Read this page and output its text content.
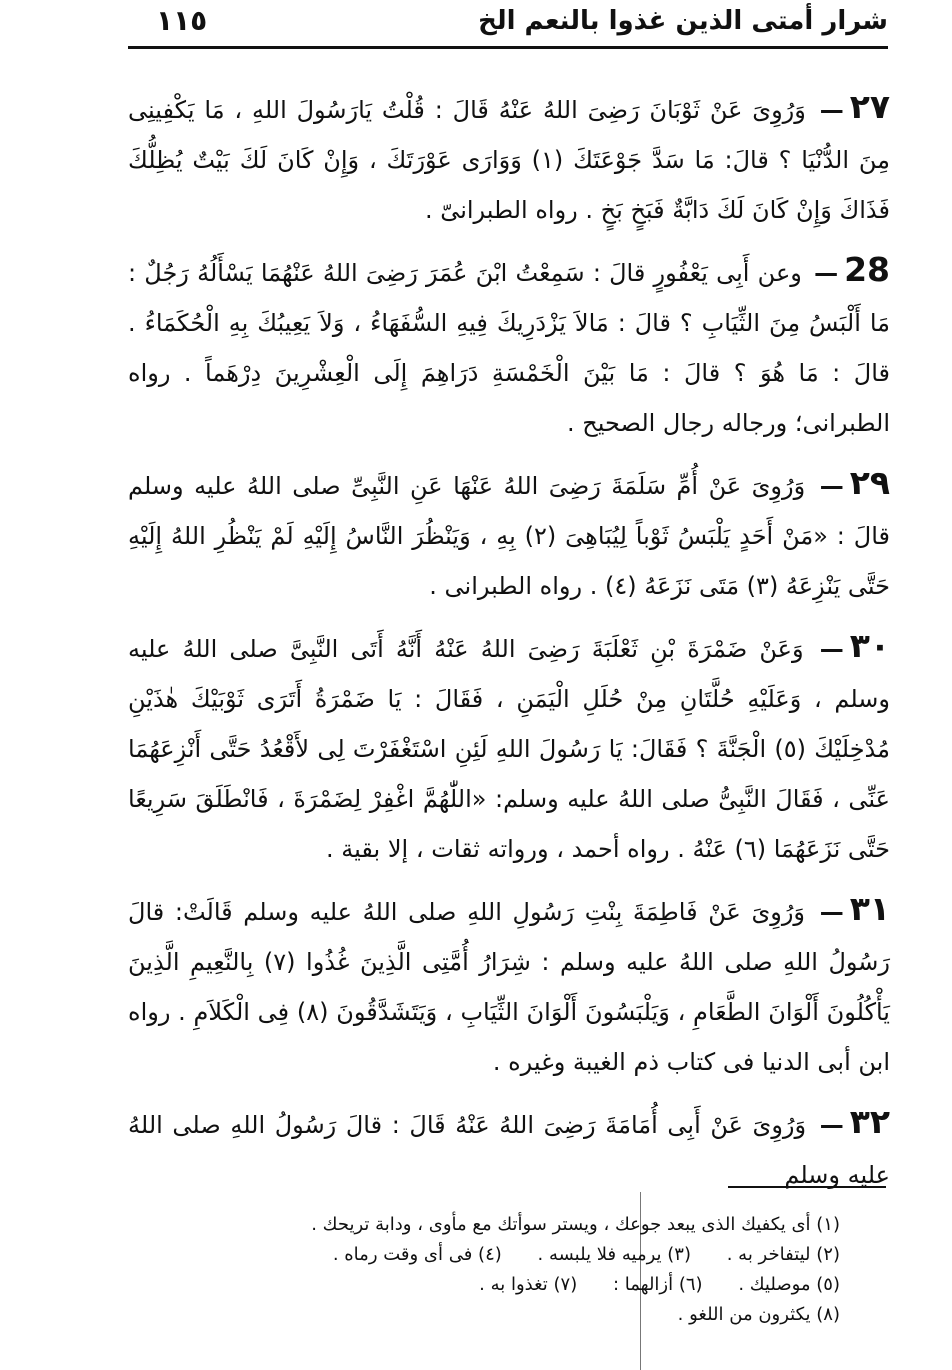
شرار أمتى الذين غذوا بالنعم الخ
١١٥

٢٧— وَرُوِىَ عَنْ ثَوْبَانَ رَضِىَ اللهُ عَنْهُ قَالَ : قُلْتُ يَارَسُولَ اللهِ ، مَا يَكْفِينِى مِنَ الدُّنْيَا ؟ قالَ: مَا سَدَّ جَوْعَتَكَ (١) وَوَارَى عَوْرَتَكَ ، وَإِنْ كَانَ لَكَ بَيْتٌ يُظِلُّكَ فَذَاكَ وَإِنْ كَانَ لَكَ دَابَّةٌ فَبَخٍ بَخٍ . رواه الطبرانىّ .

28— وعن أَبِى يَعْفُورٍ قالَ : سَمِعْتُ ابْنَ عُمَرَ رَضِىَ اللهُ عَنْهُمَا يَسْأَلُهُ رَجُلٌ : مَا أَلْبَسُ مِنَ الثِّيَابِ ؟ قالَ : مَالاَ يَزْدَرِيكَ فِيهِ السُّفَهَاءُ ، وَلاَ يَعِيبُكَ بِهِ الْحُكَمَاءُ . قالَ : مَا هُوَ ؟ قالَ : مَا بَيْنَ الْخَمْسَةِ دَرَاهِمَ إِلَى الْعِشْرِينَ دِرْهَماً . رواه الطبرانى؛ ورجاله رجال الصحيح .

٢٩— وَرُوِىَ عَنْ أُمِّ سَلَمَةَ رَضِىَ اللهُ عَنْهَا عَنِ النَّبِىِّ صلى اللهُ عليه وسلم قالَ : «مَنْ أَحَدٍ يَلْبَسُ ثَوْباً لِيُبَاهِىَ (٢) بِهِ ، وَيَنْظُرَ النَّاسُ إِلَيْهِ لَمْ يَنْظُرِ اللهُ إِلَيْهِ حَتَّى يَنْزِعَهُ (٣) مَتَى نَزَعَهُ (٤) . رواه الطبرانى .

٣٠— وَعَنْ ضَمْرَةَ بْنِ ثَعْلَبَةَ رَضِىَ اللهُ عَنْهُ أَنَّهُ أَتَى النَّبِىَّ صلى اللهُ عليه وسلم ، وَعَلَيْهِ حُلَّتَانِ مِنْ حُلَلِ الْيَمَنِ ، فَقَالَ : يَا ضَمْرَةُ أَتَرَى ثَوْبَيْكَ هٰذَيْنِ مُدْخِلَيْكَ (٥) الْجَنَّةَ ؟ فَقَالَ: يَا رَسُولَ اللهِ لَئِنِ اسْتَغْفَرْتَ لِى لأَقْعُدُ حَتَّى أَنْزِعَهُمَا عَنِّى ، فَقَالَ النَّبِىُّ صلى اللهُ عليه وسلم: «اللّٰهُمَّ اغْفِرْ لِضَمْرَةَ ، فَانْطَلَقَ سَرِيعًا حَتَّى نَزَعَهُمَا (٦) عَنْهُ . رواه أحمد ، ورواته ثقات ، إلا بقية .

٣١— وَرُوِىَ عَنْ فَاطِمَةَ بِنْتِ رَسُولِ اللهِ صلى اللهُ عليه وسلم قَالَتْ: قالَ رَسُولُ اللهِ صلى اللهُ عليه وسلم : شِرَارُ أُمَّتِى الَّذِينَ غُذُوا (٧) بِالنَّعِيمِ الَّذِينَ يَأْكُلُونَ أَلْوَانَ الطَّعَامِ ، وَيَلْبَسُونَ أَلْوَانَ الثِّيَابِ ، وَيَتَشَدَّقُونَ (٨) فِى الْكَلاَمِ . رواه ابن أبى الدنيا فى كتاب ذم الغيبة وغيره .

٣٢— وَرُوِىَ عَنْ أَبِى أُمَامَةَ رَضِىَ اللهُ عَنْهُ قَالَ : قالَ رَسُولُ اللهِ صلى اللهُ عليه وسلم

(١) أى يكفيك الذى يبعد جوعك ، ويستر سوأتك مع مأوى ، ودابة تريحك .
(٢) ليتفاخر به . (٣) يرميه فلا يلبسه . (٤) فى أى وقت رماه .
(٥) موصليك . (٦) أزالهما : (٧) تغذوا به .
(٨) يكثرون من اللغو .
